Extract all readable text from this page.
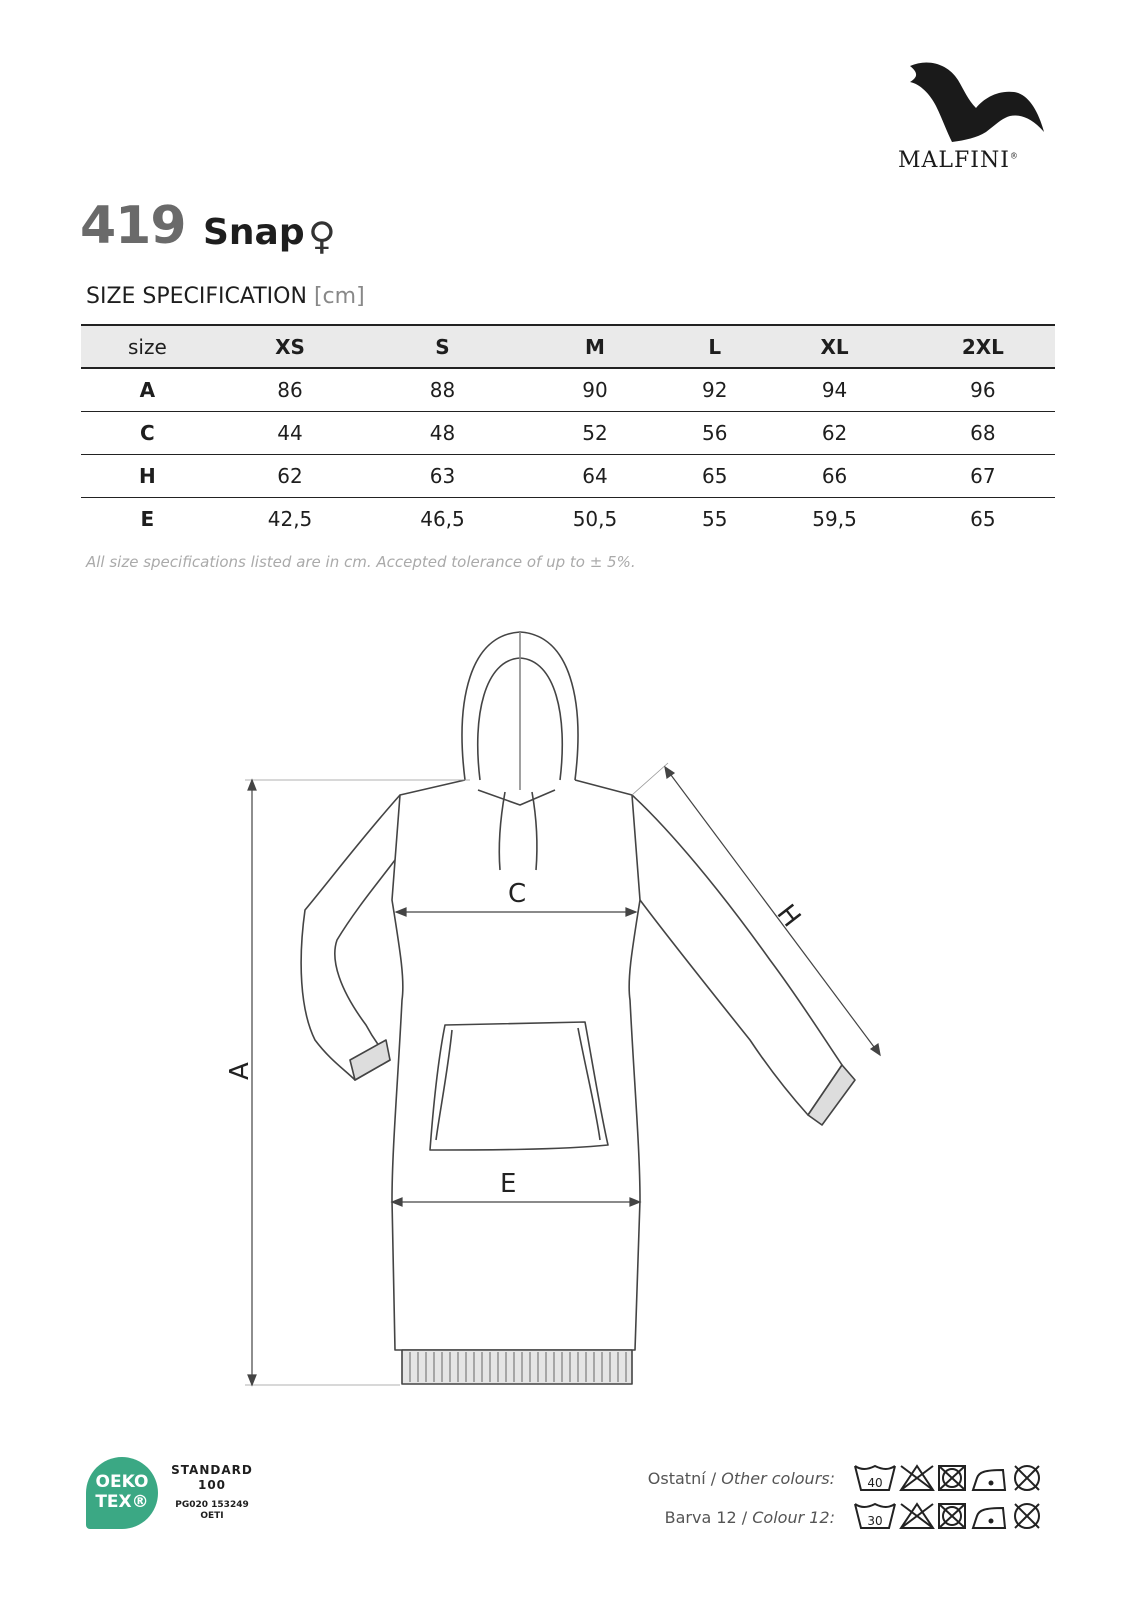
MALFINI®
419 Snap ♀
SIZE SPECIFICATION [cm]
size	XS	S	M	L	XL	2XL
A	86	88	90	92	94	96
C	44	48	52	56	62	68
H	62	63	64	65	66	67
E	42,5	46,5	50,5	55	59,5	65
All size specifications listed are in cm. Accepted tolerance of up to ± 5%.
A
C
E
H
OEKO
TEX®
STANDARD
100
PG020 153249
OETI
Ostatní / Other colours:
Barva 12 / Colour 12:
40
30
